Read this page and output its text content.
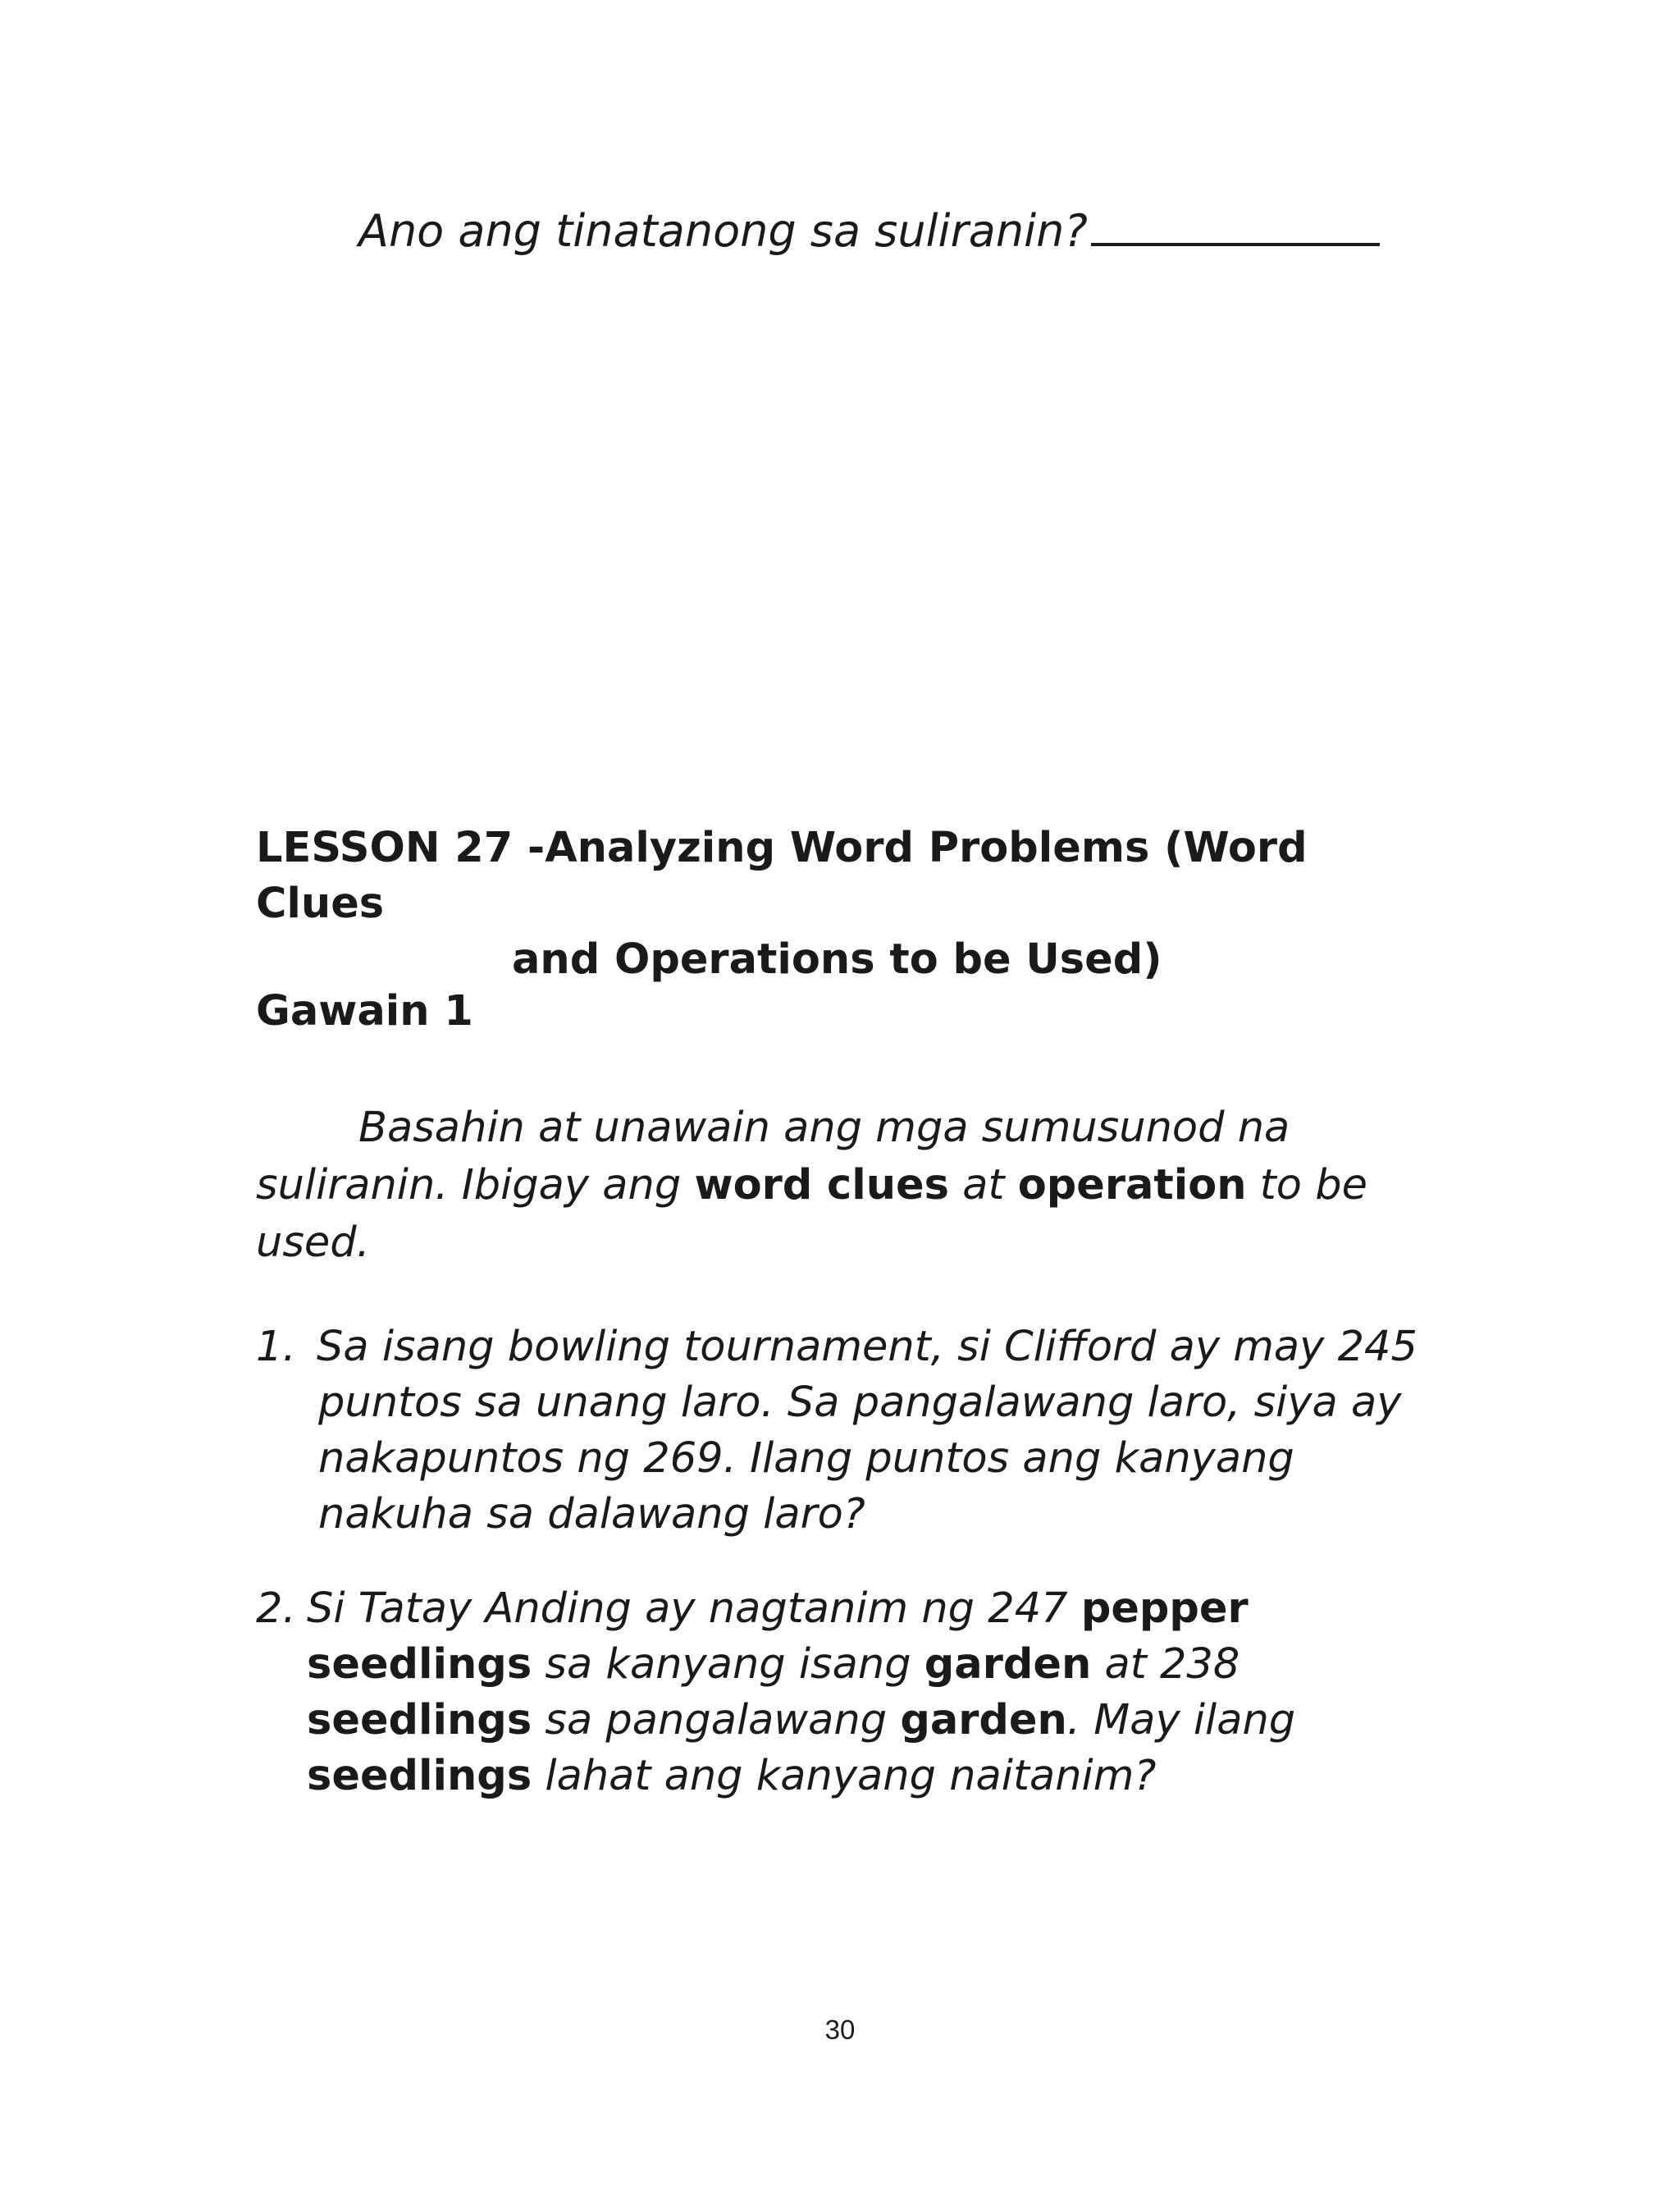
Ano ang tinatanong sa suliranin?
LESSON 27 -Analyzing Word Problems (Word Clues
and Operations to be Used)
Gawain 1
Basahin at unawain ang mga sumusunod na suliranin. Ibigay ang word clues at operation to be used.
1. Sa isang bowling tournament, si Clifford ay may 245 puntos sa unang laro. Sa pangalawang laro, siya ay nakapuntos ng 269. Ilang puntos ang kanyang nakuha sa dalawang laro?
2. Si Tatay Anding ay nagtanim ng 247 pepper seedlings sa kanyang isang garden at 238 seedlings sa pangalawang garden. May ilang seedlings lahat ang kanyang naitanim?
30
